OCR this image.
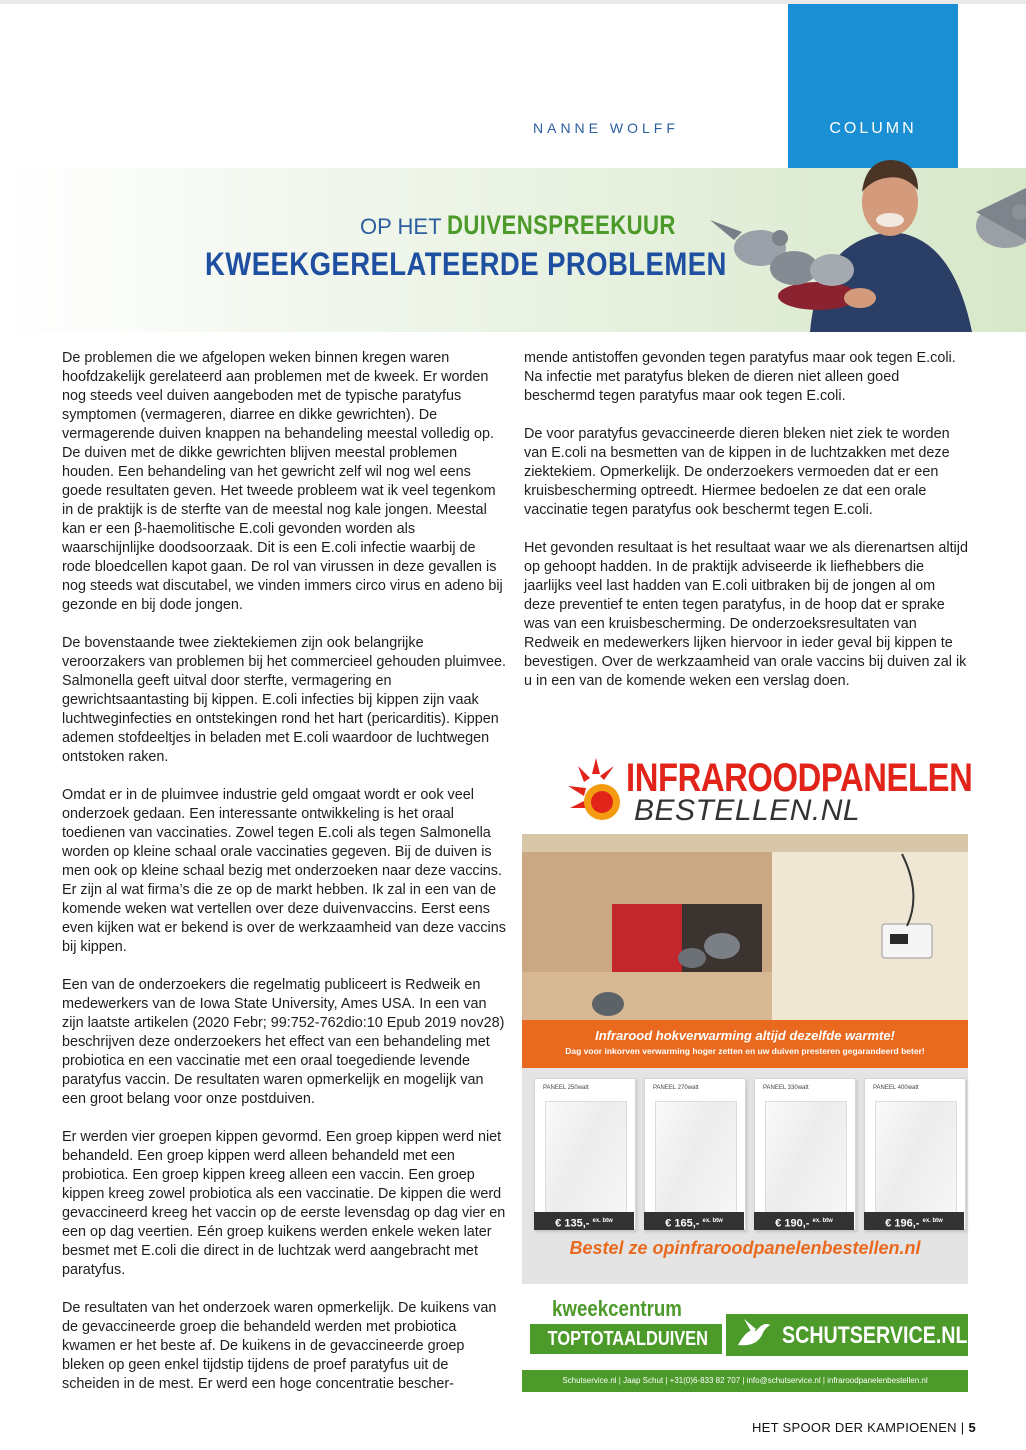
NANNE WOLFF	COLUMN
OP HET DUIVENSPREEKUUR
KWEEKGERELATEERDE PROBLEMEN

De problemen die we afgelopen weken binnen kregen waren hoofdzakelijk gerelateerd aan problemen met de kweek. Er worden nog steeds veel duiven aangeboden met de typische paratyfus symptomen (vermageren, diarree en dikke gewrichten). De vermagerende duiven knappen na behandeling meestal volledig op. De duiven met de dikke gewrichten blijven meestal problemen houden. Een behandeling van het gewricht zelf wil nog wel eens goede resultaten geven. Het tweede probleem wat ik veel tegenkom in de praktijk is de sterfte van de meestal nog kale jongen. Meestal kan er een β-haemolitische E.coli gevonden worden als waarschijnlijke doodsoorzaak. Dit is een E.coli infectie waarbij de rode bloedcellen kapot gaan. De rol van virussen in deze gevallen is nog steeds wat discutabel, we vinden immers circo virus en adeno bij gezonde en bij dode jongen.

De bovenstaande twee ziektekiemen zijn ook belangrijke veroorzakers van problemen bij het commercieel gehouden pluimvee. Salmonella geeft uitval door sterfte, vermagering en gewrichtsaantasting bij kippen. E.coli infecties bij kippen zijn vaak luchtweginfecties en ontstekingen rond het hart (pericarditis). Kippen ademen stofdeeltjes in beladen met E.coli waardoor de luchtwegen ontstoken raken.

Omdat er in de pluimvee industrie geld omgaat wordt er ook veel onderzoek gedaan. Een interessante ontwikkeling is het oraal toedienen van vaccinaties. Zowel tegen E.coli als tegen Salmonella worden op kleine schaal orale vaccinaties gegeven. Bij de duiven is men ook op kleine schaal bezig met onderzoeken naar deze vaccins. Er zijn al wat firma’s die ze op de markt hebben. Ik zal in een van de komende weken wat vertellen over deze duivenvaccins. Eerst eens even kijken wat er bekend is over de werkzaamheid van deze vaccins bij kippen.

Een van de onderzoekers die regelmatig publiceert is Redweik en medewerkers van de Iowa State University, Ames USA. In een van zijn laatste artikelen (2020 Febr; 99:752-762dio:10 Epub 2019 nov28) beschrijven deze onderzoekers het effect van een behandeling met probiotica en een vaccinatie met een oraal toegediende levende paratyfus vaccin. De resultaten waren opmerkelijk en mogelijk van een groot belang voor onze postduiven.

Er werden vier groepen kippen gevormd. Een groep kippen werd niet behandeld. Een groep kippen werd alleen behandeld met een probiotica. Een groep kippen kreeg alleen een vaccin. Een groep kippen kreeg zowel probiotica als een vaccinatie. De kippen die werd gevaccineerd kreeg het vaccin op de eerste levensdag op dag vier en een op dag veertien. Eén groep kuikens werden enkele weken later besmet met E.coli die direct in de luchtzak werd aangebracht met paratyfus.

De resultaten van het onderzoek waren opmerkelijk. De kuikens van de gevaccineerde groep die behandeld werden met probiotica kwamen er het beste af. De kuikens in de gevaccineerde groep bleken op geen enkel tijdstip tijdens de proef paratyfus uit de scheiden in de mest. Er werd een hoge concentratie bescher-

mende antistoffen gevonden tegen paratyfus maar ook tegen E.coli. Na infectie met paratyfus bleken de dieren niet alleen goed beschermd tegen paratyfus maar ook tegen E.coli.

De voor paratyfus gevaccineerde dieren bleken niet ziek te worden van E.coli na besmetten van de kippen in de luchtzakken met deze ziektekiem. Opmerkelijk. De onderzoekers vermoeden dat er een kruisbescherming optreedt. Hiermee bedoelen ze dat een orale vaccinatie tegen paratyfus ook beschermt tegen E.coli.

Het gevonden resultaat is het resultaat waar we als dierenartsen altijd op gehoopt hadden. In de praktijk adviseerde ik liefhebbers die jaarlijks veel last hadden van E.coli uitbraken bij de jongen al om deze preventief te enten tegen paratyfus, in de hoop dat er sprake was van een kruisbescherming. De onderzoeksresultaten van Redweik en medewerkers lijken hiervoor in ieder geval bij kippen te bevestigen. Over de werkzaamheid van orale vaccins bij duiven zal ik u in een van de komende weken een verslag doen.

INFRAROODPANELEN
BESTELLEN.NL
Infrarood hokverwarming altijd dezelfde warmte!
Dag voor inkorven verwarming hoger zetten en uw duiven presteren gegarandeerd beter!
PANEEL 250watt	PANEEL 270watt	PANEEL 330watt	PANEEL 400watt
€ 135,- $^{ex. btw}$	€ 165,- $^{ex. btw}$	€ 190,- $^{ex. btw}$	€ 196,- $^{ex. btw}$
Bestel ze opinfraroodpanelenbestellen.nl
kweekcentrum
TOPTOTAALDUIVEN	SCHUTSERVICE.NL
Schutservice.nl | Jaap Schut | +31(0)6-833 82 707 | info@schutservice.nl | infraroodpanelenbestellen.nl
HET SPOOR DER KAMPIOENEN | 5
